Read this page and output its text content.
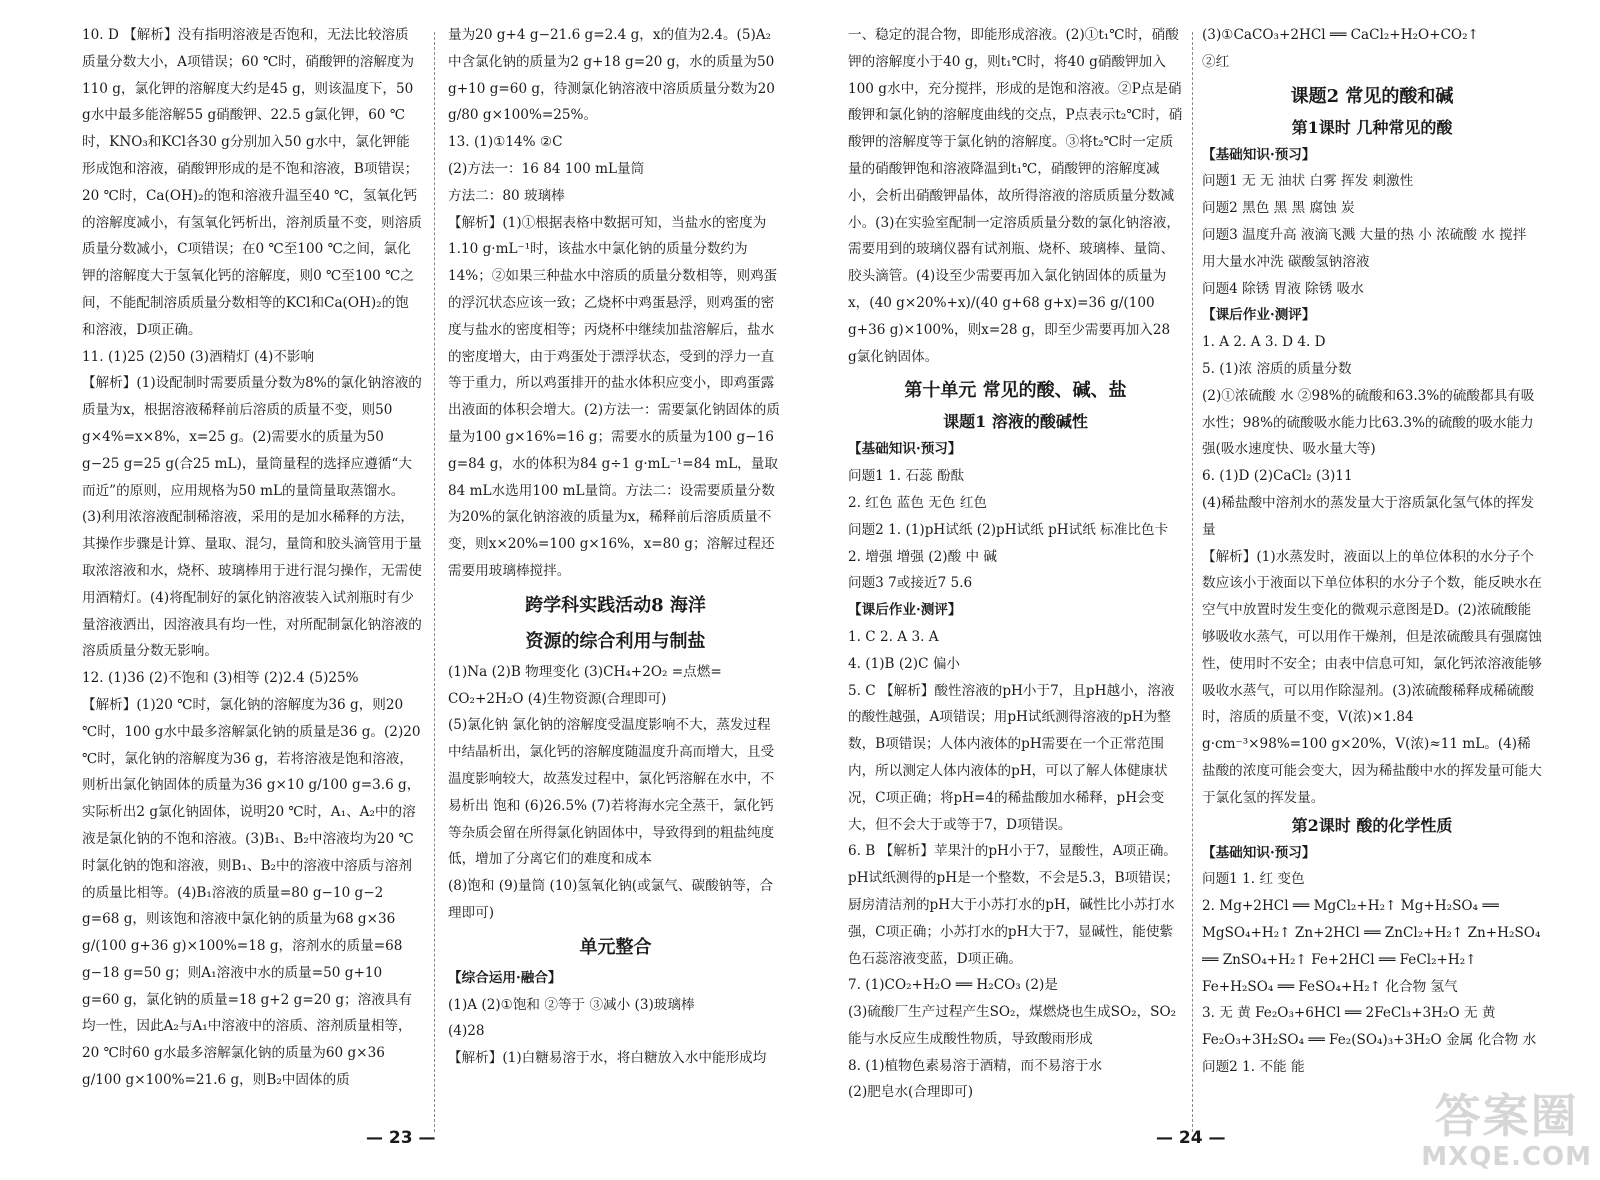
10. D 【解析】没有指明溶液是否饱和，无法比较溶质质量分数大小，A项错误；60 ℃时，硝酸钾的溶解度为110 g，氯化钾的溶解度大约是45 g，则该温度下，50 g水中最多能溶解55 g硝酸钾、22.5 g氯化钾，60 ℃时，KNO₃和KCl各30 g分别加入50 g水中，氯化钾能形成饱和溶液，硝酸钾形成的是不饱和溶液，B项错误；20 ℃时，Ca(OH)₂的饱和溶液升温至40 ℃，氢氧化钙的溶解度减小，有氢氧化钙析出，溶剂质量不变，则溶质质量分数减小，C项错误；在0 ℃至100 ℃之间，氯化钾的溶解度大于氢氧化钙的溶解度，则0 ℃至100 ℃之间，不能配制溶质质量分数相等的KCl和Ca(OH)₂的饱和溶液，D项正确。

11. (1)25 (2)50 (3)酒精灯 (4)不影响

【解析】(1)设配制时需要质量分数为8%的氯化钠溶液的质量为x，根据溶液稀释前后溶质的质量不变，则50 g×4%=x×8%，x=25 g。(2)需要水的质量为50 g−25 g=25 g(合25 mL)，量筒量程的选择应遵循“大而近”的原则，应用规格为50 mL的量筒量取蒸馏水。(3)利用浓溶液配制稀溶液，采用的是加水稀释的方法，其操作步骤是计算、量取、混匀，量筒和胶头滴管用于量取浓溶液和水，烧杯、玻璃棒用于进行混匀操作，无需使用酒精灯。(4)将配制好的氯化钠溶液装入试剂瓶时有少量溶液洒出，因溶液具有均一性，对所配制氯化钠溶液的溶质质量分数无影响。

12. (1)36 (2)不饱和 (3)相等 (2)2.4 (5)25%

【解析】(1)20 ℃时，氯化钠的溶解度为36 g，则20 ℃时，100 g水中最多溶解氯化钠的质量是36 g。(2)20 ℃时，氯化钠的溶解度为36 g，若将溶液是饱和溶液，则析出氯化钠固体的质量为36 g×10 g/100 g=3.6 g，实际析出2 g氯化钠固体，说明20 ℃时，A₁、A₂中的溶液是氯化钠的不饱和溶液。(3)B₁、B₂中溶液均为20 ℃时氯化钠的饱和溶液，则B₁、B₂中的溶液中溶质与溶剂的质量比相等。(4)B₁溶液的质量=80 g−10 g−2 g=68 g，则该饱和溶液中氯化钠的质量为68 g×36 g/(100 g+36 g)×100%=18 g，溶剂水的质量=68 g−18 g=50 g；则A₁溶液中水的质量=50 g+10 g=60 g，氯化钠的质量=18 g+2 g=20 g；溶液具有均一性，因此A₂与A₁中溶液中的溶质、溶剂质量相等，20 ℃时60 g水最多溶解氯化钠的质量为60 g×36 g/100 g×100%=21.6 g，则B₂中固体的质

量为20 g+4 g−21.6 g=2.4 g，x的值为2.4。(5)A₂中含氯化钠的质量为2 g+18 g=20 g，水的质量为50 g+10 g=60 g，待测氯化钠溶液中溶质质量分数为20 g/80 g×100%=25%。

13. (1)①14% ②C

(2)方法一：16 84 100 mL量筒

方法二：80 玻璃棒

【解析】(1)①根据表格中数据可知，当盐水的密度为1.10 g·mL⁻¹时，该盐水中氯化钠的质量分数约为14%；②如果三种盐水中溶质的质量分数相等，则鸡蛋的浮沉状态应该一致；乙烧杯中鸡蛋悬浮，则鸡蛋的密度与盐水的密度相等；丙烧杯中继续加盐溶解后，盐水的密度增大，由于鸡蛋处于漂浮状态，受到的浮力一直等于重力，所以鸡蛋排开的盐水体积应变小，即鸡蛋露出液面的体积会增大。(2)方法一：需要氯化钠固体的质量为100 g×16%=16 g；需要水的质量为100 g−16 g=84 g，水的体积为84 g÷1 g·mL⁻¹=84 mL，量取84 mL水选用100 mL量筒。方法二：设需要质量分数为20%的氯化钠溶液的质量为x，稀释前后溶质质量不变，则x×20%=100 g×16%，x=80 g；溶解过程还需要用玻璃棒搅拌。

跨学科实践活动8 海洋
资源的综合利用与制盐

(1)Na (2)B 物理变化 (3)CH₄+2O₂ =点燃= CO₂+2H₂O (4)生物资源(合理即可)

(5)氯化钠 氯化钠的溶解度受温度影响不大，蒸发过程中结晶析出，氯化钙的溶解度随温度升高而增大，且受温度影响较大，故蒸发过程中，氯化钙溶解在水中，不易析出 饱和 (6)26.5% (7)若将海水完全蒸干，氯化钙等杂质会留在所得氯化钠固体中，导致得到的粗盐纯度低，增加了分离它们的难度和成本

(8)饱和 (9)量筒 (10)氢氧化钠(或氯气、碳酸钠等，合理即可)

单元整合

【综合运用·融合】

(1)A (2)①饱和 ②等于 ③减小 (3)玻璃棒

(4)28

【解析】(1)白糖易溶于水，将白糖放入水中能形成均

— 23 —

一、稳定的混合物，即能形成溶液。(2)①t₁℃时，硝酸钾的溶解度小于40 g，则t₁℃时，将40 g硝酸钾加入100 g水中，充分搅拌，形成的是饱和溶液。②P点是硝酸钾和氯化钠的溶解度曲线的交点，P点表示t₂℃时，硝酸钾的溶解度等于氯化钠的溶解度。③将t₂℃时一定质量的硝酸钾饱和溶液降温到t₁℃，硝酸钾的溶解度减小，会析出硝酸钾晶体，故所得溶液的溶质质量分数减小。(3)在实验室配制一定溶质质量分数的氯化钠溶液，需要用到的玻璃仪器有试剂瓶、烧杯、玻璃棒、量筒、胶头滴管。(4)设至少需要再加入氯化钠固体的质量为x，(40 g×20%+x)/(40 g+68 g+x)=36 g/(100 g+36 g)×100%，则x=28 g，即至少需要再加入28 g氯化钠固体。

第十单元 常见的酸、碱、盐
课题1 溶液的酸碱性

【基础知识·预习】

问题1 1. 石蕊 酚酞

2. 红色 蓝色 无色 红色

问题2 1. (1)pH试纸 (2)pH试纸 pH试纸 标准比色卡

2. 增强 增强 (2)酸 中 碱

问题3 7或接近7 5.6

【课后作业·测评】

1. C 2. A 3. A

4. (1)B (2)C 偏小

5. C 【解析】酸性溶液的pH小于7，且pH越小，溶液的酸性越强，A项错误；用pH试纸测得溶液的pH为整数，B项错误；人体内液体的pH需要在一个正常范围内，所以测定人体内液体的pH，可以了解人体健康状况，C项正确；将pH=4的稀盐酸加水稀释，pH会变大，但不会大于或等于7，D项错误。

6. B 【解析】苹果汁的pH小于7，显酸性，A项正确。pH试纸测得的pH是一个整数，不会是5.3，B项错误；厨房清洁剂的pH大于小苏打水的pH，碱性比小苏打水强，C项正确；小苏打水的pH大于7，显碱性，能使紫色石蕊溶液变蓝，D项正确。

7. (1)CO₂+H₂O ══ H₂CO₃ (2)是

(3)硫酸厂生产过程产生SO₂，煤燃烧也生成SO₂，SO₂能与水反应生成酸性物质，导致酸雨形成

8. (1)植物色素易溶于酒精，而不易溶于水

(2)肥皂水(合理即可)

(3)①CaCO₃+2HCl ══ CaCl₂+H₂O+CO₂↑

②红

课题2 常见的酸和碱
第1课时 几种常见的酸

【基础知识·预习】

问题1 无 无 油状 白雾 挥发 刺激性

问题2 黑色 黑 黑 腐蚀 炭

问题3 温度升高 液滴飞溅 大量的热 小 浓硫酸 水 搅拌 用大量水冲洗 碳酸氢钠溶液

问题4 除锈 胃液 除锈 吸水

【课后作业·测评】

1. A 2. A 3. D 4. D

5. (1)浓 溶质的质量分数

(2)①浓硫酸 水 ②98%的硫酸和63.3%的硫酸都具有吸水性；98%的硫酸吸水能力比63.3%的硫酸的吸水能力强(吸水速度快、吸水量大等)

6. (1)D (2)CaCl₂ (3)11

(4)稀盐酸中溶剂水的蒸发量大于溶质氯化氢气体的挥发量

【解析】(1)水蒸发时，液面以上的单位体积的水分子个数应该小于液面以下单位体积的水分子个数，能反映水在空气中放置时发生变化的微观示意图是D。(2)浓硫酸能够吸收水蒸气，可以用作干燥剂，但是浓硫酸具有强腐蚀性，使用时不安全；由表中信息可知，氯化钙浓溶液能够吸收水蒸气，可以用作除湿剂。(3)浓硫酸稀释成稀硫酸时，溶质的质量不变，V(浓)×1.84 g·cm⁻³×98%=100 g×20%，V(浓)≈11 mL。(4)稀盐酸的浓度可能会变大，因为稀盐酸中水的挥发量可能大于氯化氢的挥发量。

第2课时 酸的化学性质

【基础知识·预习】

问题1 1. 红 变色

2. Mg+2HCl ══ MgCl₂+H₂↑ Mg+H₂SO₄ ══ MgSO₄+H₂↑ Zn+2HCl ══ ZnCl₂+H₂↑ Zn+H₂SO₄ ══ ZnSO₄+H₂↑ Fe+2HCl ══ FeCl₂+H₂↑ Fe+H₂SO₄ ══ FeSO₄+H₂↑ 化合物 氢气

3. 无 黄 Fe₂O₃+6HCl ══ 2FeCl₃+3H₂O 无 黄 Fe₂O₃+3H₂SO₄ ══ Fe₂(SO₄)₃+3H₂O 金属 化合物 水

问题2 1. 不能 能

— 24 —	答案圈
MXQE.COM
